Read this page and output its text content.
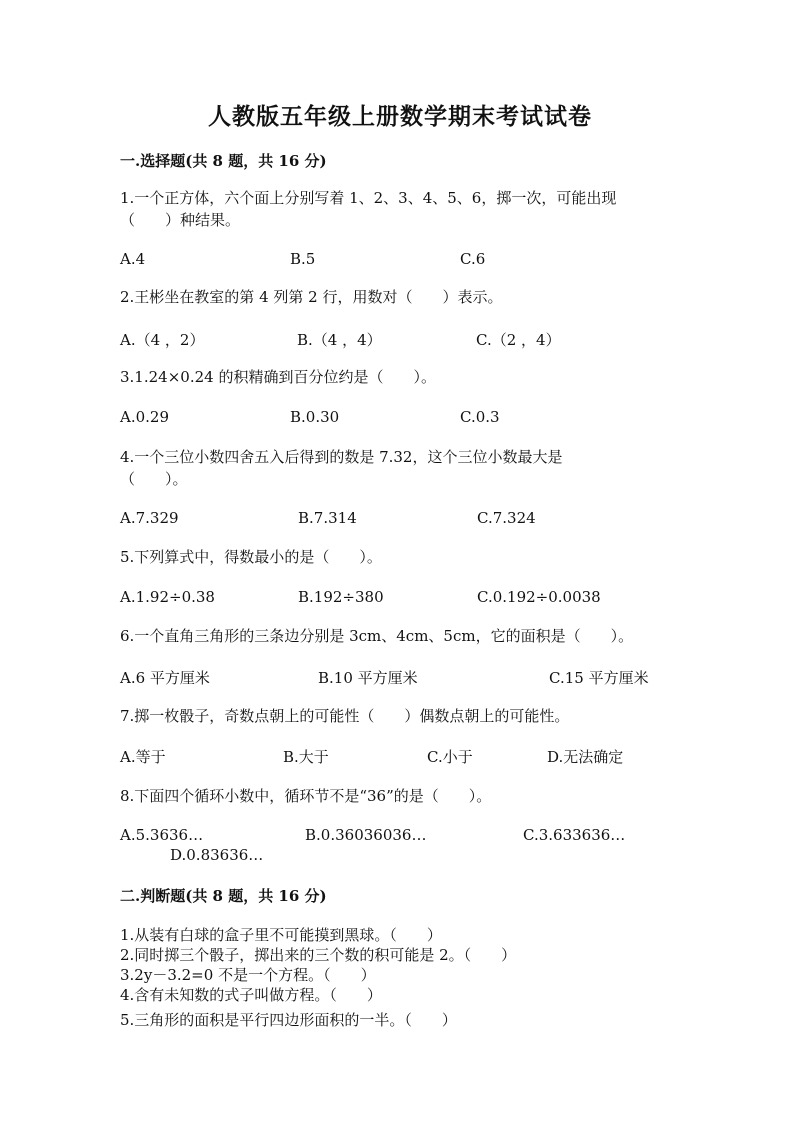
人教版五年级上册数学期末考试试卷
一.选择题(共 8 题，共 16 分)
1.一个正方体，六个面上分别写着 1、2、3、4、5、6，掷一次，可能出现
（　　）种结果。
A.4	B.5	C.6
2.王彬坐在教室的第 4 列第 2 行，用数对（　　）表示。
A.（4 ，2）	B.（4 ，4）	C.（2 ，4）
3.1.24×0.24 的积精确到百分位约是（　　）。
A.0.29	B.0.30	C.0.3
4.一个三位小数四舍五入后得到的数是 7.32，这个三位小数最大是
（　　）。
A.7.329	B.7.314	C.7.324
5.下列算式中，得数最小的是（　　）。
A.1.92÷0.38	B.192÷380	C.0.192÷0.0038
6.一个直角三角形的三条边分别是 3cm、4cm、5cm，它的面积是（　　）。
A.6 平方厘米	B.10 平方厘米	C.15 平方厘米
7.掷一枚骰子，奇数点朝上的可能性（　　）偶数点朝上的可能性。
A.等于	B.大于	C.小于	D.无法确定
8.下面四个循环小数中，循环节不是“36”的是（　　）。
A.5.3636…	B.0.36036036…	C.3.633636…
D.0.83636…
二.判断题(共 8 题，共 16 分)
1.从装有白球的盒子里不可能摸到黑球。（　　）
2.同时掷三个骰子，掷出来的三个数的积可能是 2。（　　）
3.2y－3.2=0 不是一个方程。（　　）
4.含有未知数的式子叫做方程。（　　）
5.三角形的面积是平行四边形面积的一半。（　　）
